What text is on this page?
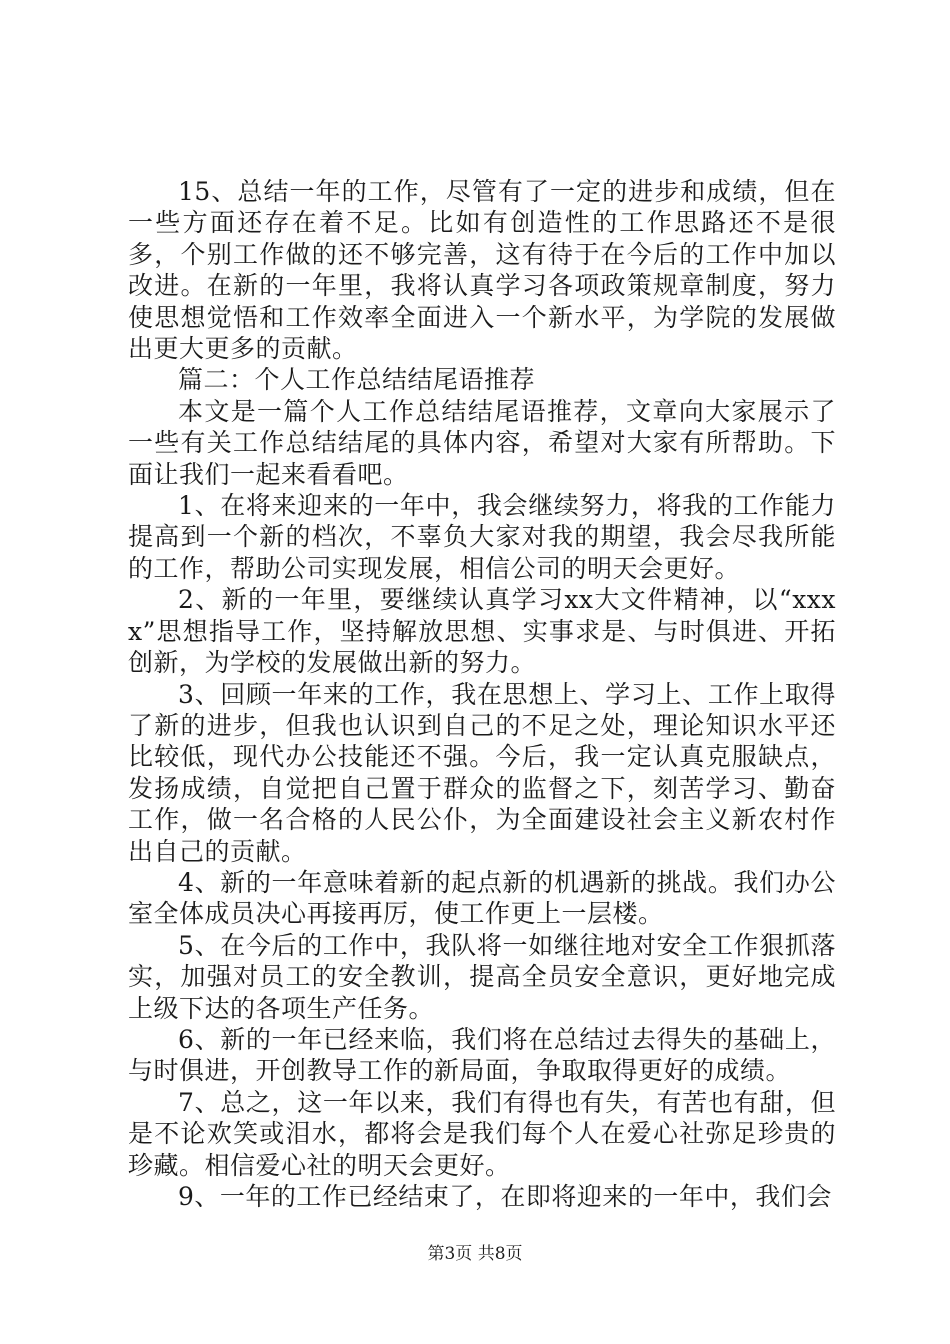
15、总结一年的工作，尽管有了一定的进步和成绩，但在一些方面还存在着不足。比如有创造性的工作思路还不是很多，个别工作做的还不够完善，这有待于在今后的工作中加以改进。在新的一年里，我将认真学习各项政策规章制度，努力使思想觉悟和工作效率全面进入一个新水平，为学院的发展做出更大更多的贡献。

篇二：个人工作总结结尾语推荐

本文是一篇个人工作总结结尾语推荐，文章向大家展示了一些有关工作总结结尾的具体内容，希望对大家有所帮助。下面让我们一起来看看吧。

1、在将来迎来的一年中，我会继续努力，将我的工作能力提高到一个新的档次，不辜负大家对我的期望，我会尽我所能的工作，帮助公司实现发展，相信公司的明天会更好。

2、新的一年里，要继续认真学习xx大文件精神，以“xxxx”思想指导工作，坚持解放思想、实事求是、与时俱进、开拓创新，为学校的发展做出新的努力。

3、回顾一年来的工作，我在思想上、学习上、工作上取得了新的进步，但我也认识到自己的不足之处，理论知识水平还比较低，现代办公技能还不强。今后，我一定认真克服缺点，发扬成绩，自觉把自己置于群众的监督之下，刻苦学习、勤奋工作，做一名合格的人民公仆，为全面建设社会主义新农村作出自己的贡献。

4、新的一年意味着新的起点新的机遇新的挑战。我们办公室全体成员决心再接再厉，使工作更上一层楼。

5、在今后的工作中，我队将一如继往地对安全工作狠抓落实，加强对员工的安全教训，提高全员安全意识，更好地完成上级下达的各项生产任务。

6、新的一年已经来临，我们将在总结过去得失的基础上，与时俱进，开创教导工作的新局面，争取取得更好的成绩。

7、总之，这一年以来，我们有得也有失，有苦也有甜，但是不论欢笑或泪水，都将会是我们每个人在爱心社弥足珍贵的珍藏。相信爱心社的明天会更好。

9、一年的工作已经结束了，在即将迎来的一年中，我们会

第3页 共8页
